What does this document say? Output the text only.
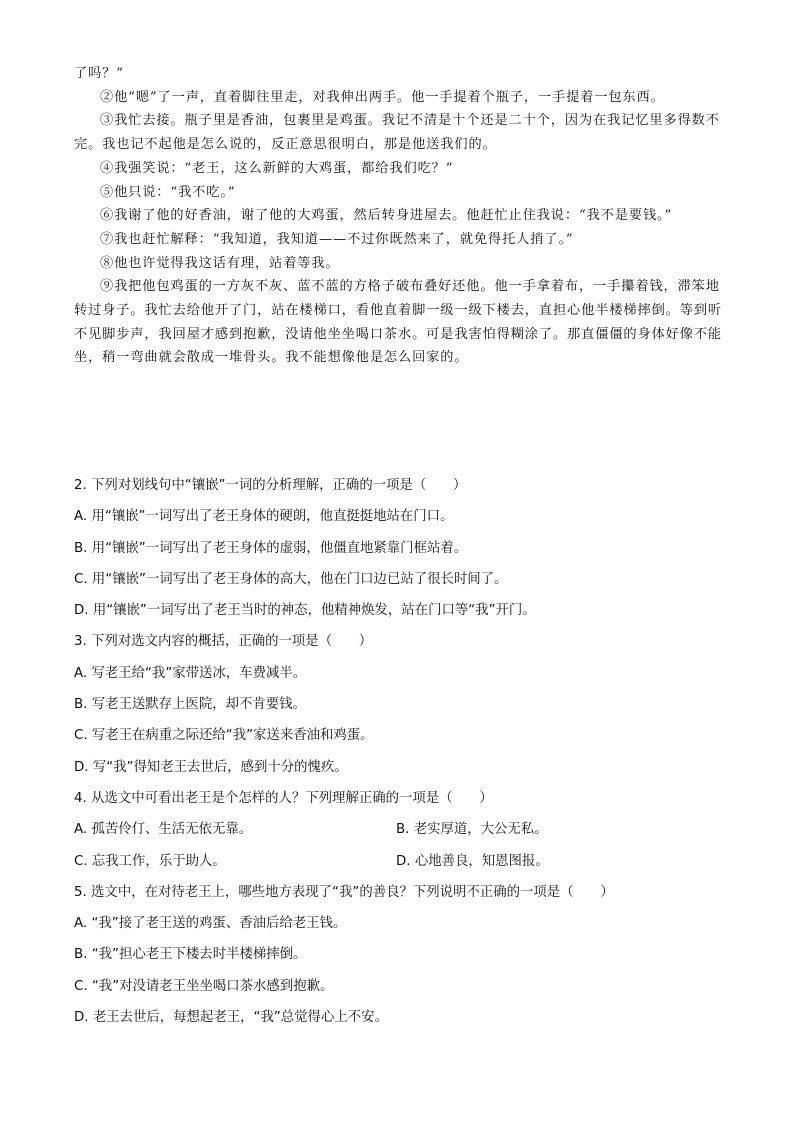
了吗？”

②他“嗯”了一声，直着脚往里走，对我伸出两手。他一手提着个瓶子，一手提着一包东西。

③我忙去接。瓶子里是香油，包裹里是鸡蛋。我记不清是十个还是二十个，因为在我记忆里多得数不完。我也记不起他是怎么说的，反正意思很明白，那是他送我们的。

④我强笑说：“老王，这么新鲜的大鸡蛋，都给我们吃？”

⑤他只说：“我不吃。”

⑥我谢了他的好香油，谢了他的大鸡蛋，然后转身进屋去。他赶忙止住我说：“我不是要钱。”

⑦我也赶忙解释：“我知道，我知道——不过你既然来了，就免得托人捎了。”

⑧他也许觉得我这话有理，站着等我。

⑨我把他包鸡蛋的一方灰不灰、蓝不蓝的方格子破布叠好还他。他一手拿着布，一手攥着钱，滞笨地转过身子。我忙去给他开了门，站在楼梯口，看他直着脚一级一级下楼去，直担心他半楼梯摔倒。等到听不见脚步声，我回屋才感到抱歉，没请他坐坐喝口茶水。可是我害怕得糊涂了。那直僵僵的身体好像不能坐，稍一弯曲就会散成一堆骨头。我不能想像他是怎么回家的。

2. 下列对划线句中“镶嵌”一词的分析理解，正确的一项是（　　）

A. 用“镶嵌”一词写出了老王身体的硬朗，他直挺挺地站在门口。

B. 用“镶嵌”一词写出了老王身体的虚弱，他僵直地紧靠门框站着。

C. 用“镶嵌”一词写出了老王身体的高大，他在门口边已站了很长时间了。

D. 用“镶嵌”一词写出了老王当时的神态，他精神焕发，站在门口等“我”开门。

3. 下列对选文内容的概括，正确的一项是（　　）

A. 写老王给“我”家带送冰，车费减半。

B. 写老王送默存上医院，却不肯要钱。

C. 写老王在病重之际还给“我”家送来香油和鸡蛋。

D. 写“我”得知老王去世后，感到十分的愧疚。

4. 从选文中可看出老王是个怎样的人？下列理解正确的一项是（　　）

A. 孤苦伶仃、生活无依无靠。	B. 老实厚道，大公无私。
C. 忘我工作，乐于助人。	D. 心地善良，知恩图报。

5. 选文中，在对待老王上，哪些地方表现了“我”的善良？下列说明不正确的一项是（　　）

A. “我”接了老王送的鸡蛋、香油后给老王钱。

B. “我”担心老王下楼去时半楼梯摔倒。

C. “我”对没请老王坐坐喝口茶水感到抱歉。

D. 老王去世后，每想起老王，“我”总觉得心上不安。
